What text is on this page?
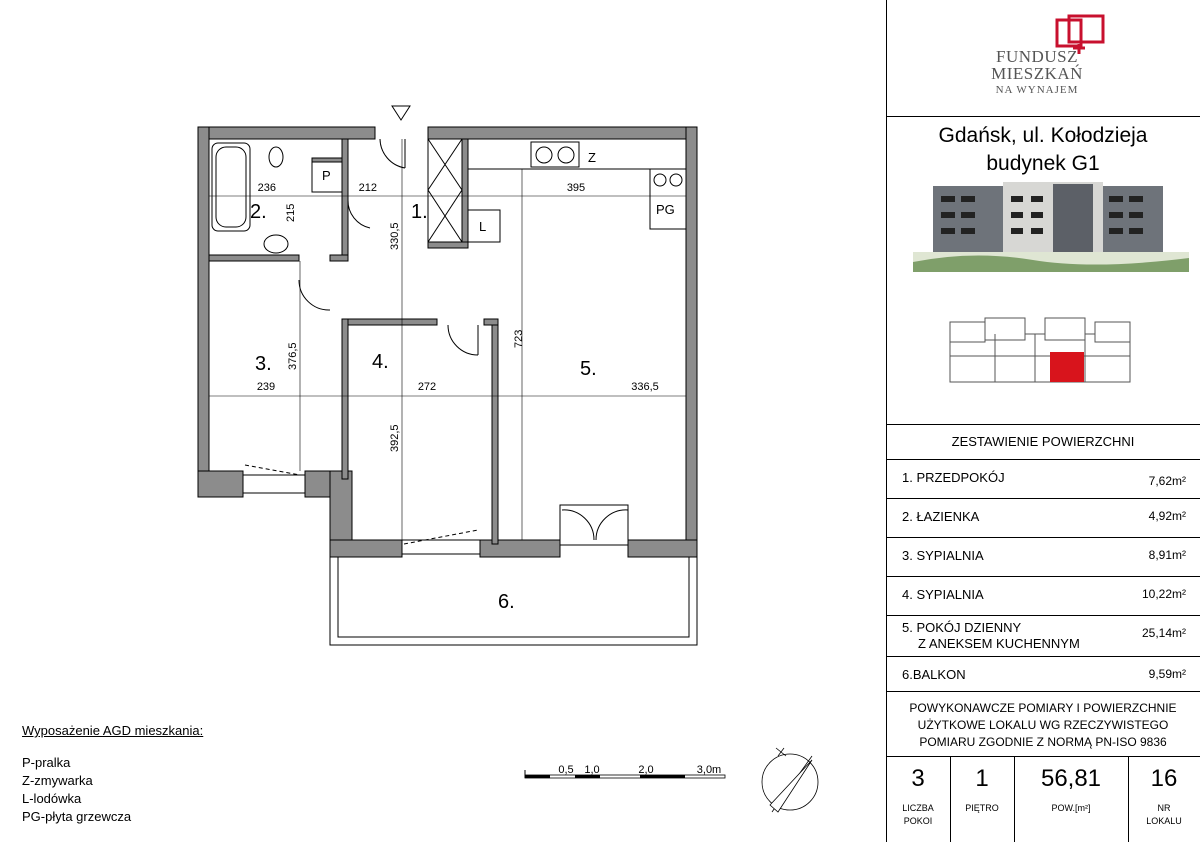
236	212	395
215
330,5
376,5
239	272	336,5
723
392,5
P
Z
L
PG
1.
2.
3.	4.	5.
6.
0,5 1,0	2,0	3,0m
Wyposażenie AGD mieszkania:
P-pralka
Z-zmywarka
L-lodówka
PG-płyta grzewcza
FUNDUSZ
MIESZKAŃ
NA WYNAJEM
Gdańsk, ul. Kołodzieja
budynek G1
ZESTAWIENIE POWIERZCHNI
1. PRZEDPOKÓJ	7,62m²
2. ŁAZIENKA	4,92m²
3. SYPIALNIA	8,91m²
4. SYPIALNIA	10,22m²
5. POKÓJ DZIENNY
Z ANEKSEM KUCHENNYM
25,14m²
6.BALKON	9,59m²
POWYKONAWCZE POMIARY I POWIERZCHNIE
UŻYTKOWE LOKALU WG RZECZYWISTEGO
POMIARU ZGODNIE Z NORMĄ PN-ISO 9836
3
LICZBA
POKOI
1
PIĘTRO
56,81
POW.[m²]
16
NR
LOKALU
